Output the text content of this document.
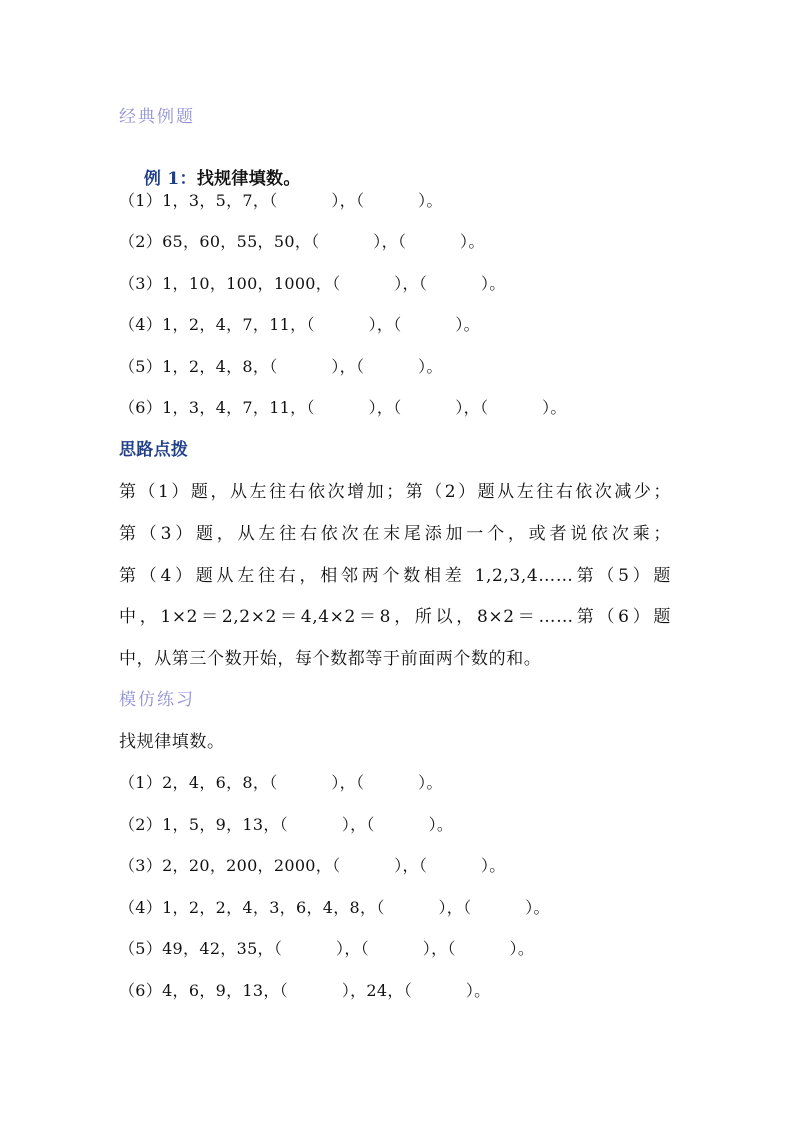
经典例题

例 1：找规律填数。

（1）1，3，5，7，（          ），（          ）。
（2）65，60，55，50，（          ），（          ）。
（3）1，10，100，1000，（          ），（          ）。
（4）1，2，4，7，11，（          ），（          ）。
（5）1，2，4，8，（          ），（          ）。
（6）1，3，4，7，11，（          ），（          ），（          ）。
思路点拨
第（1）题，从左往右依次增加；第（2）题从左往右依次减少；
第（3）题，从左往右依次在末尾添加一个，或者说依次乘；
第（4）题从左往右，相邻两个数相差 1,2,3,4……第（5）题
中，1×2＝2,2×2＝4,4×2＝8，所以，8×2＝……第（6）题
中，从第三个数开始，每个数都等于前面两个数的和。
模仿练习
找规律填数。
（1）2，4，6，8，（          ），（          ）。
（2）1，5，9，13，（          ），（          ）。
（3）2，20，200，2000，（          ），（          ）。
（4）1，2，2，4，3，6，4，8，（          ），（          ）。
（5）49，42，35，（          ），（          ），（          ）。
（6）4，6，9，13，（          ），24，（          ）。
